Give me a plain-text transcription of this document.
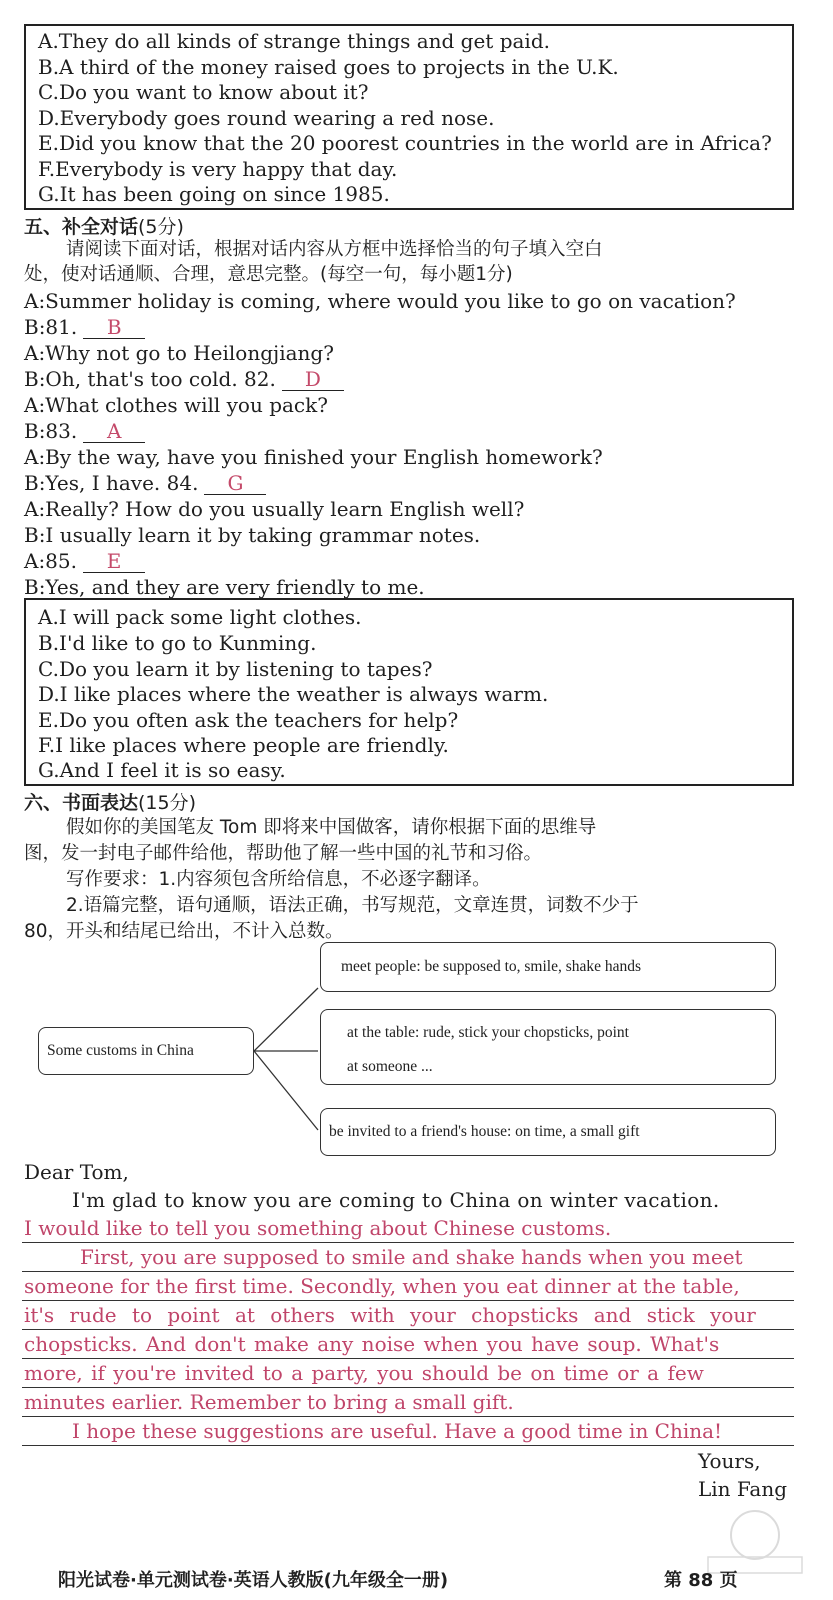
A.They do all kinds of strange things and get paid.
B.A third of the money raised goes to projects in the U.K.
C.Do you want to know about it?
D.Everybody goes round wearing a red nose.
E.Did you know that the 20 poorest countries in the world are in Africa?
F.Everybody is very happy that day.
G.It has been going on since 1985.
五、补全对话(5分)
请阅读下面对话，根据对话内容从方框中选择恰当的句子填入空白
处，使对话通顺、合理，意思完整。(每空一句，每小题1分)
A:Summer holiday is coming, where would you like to go on vacation?
B:81. B
A:Why not go to Heilongjiang?
B:Oh, that's too cold. 82. D
A:What clothes will you pack?
B:83. A
A:By the way, have you finished your English homework?
B:Yes, I have. 84. G
A:Really? How do you usually learn English well?
B:I usually learn it by taking grammar notes.
A:85. E
B:Yes, and they are very friendly to me.
A.I will pack some light clothes.
B.I'd like to go to Kunming.
C.Do you learn it by listening to tapes?
D.I like places where the weather is always warm.
E.Do you often ask the teachers for help?
F.I like places where people are friendly.
G.And I feel it is so easy.
六、书面表达(15分)
假如你的美国笔友 Tom 即将来中国做客，请你根据下面的思维导
图，发一封电子邮件给他，帮助他了解一些中国的礼节和习俗。
写作要求：1.内容须包含所给信息，不必逐字翻译。
2.语篇完整，语句通顺，语法正确，书写规范，文章连贯，词数不少于
80，开头和结尾已给出，不计入总数。
Some customs in China
meet people: be supposed to, smile, shake hands
at the table: rude, stick your chopsticks, point
at someone ...
be invited to a friend's house: on time, a small gift
Dear Tom,
I'm glad to know you are coming to China on winter vacation.
I would like to tell you something about Chinese customs.
First, you are supposed to smile and shake hands when you meet
someone for the first time. Secondly, when you eat dinner at the table,
it's rude to point at others with your chopsticks and stick your
chopsticks. And don't make any noise when you have soup. What's
more, if you're invited to a party, you should be on time or a few
minutes earlier. Remember to bring a small gift.
I hope these suggestions are useful. Have a good time in China!
Yours,
Lin Fang
阳光试卷·单元测试卷·英语人教版(九年级全一册)	第 88 页
